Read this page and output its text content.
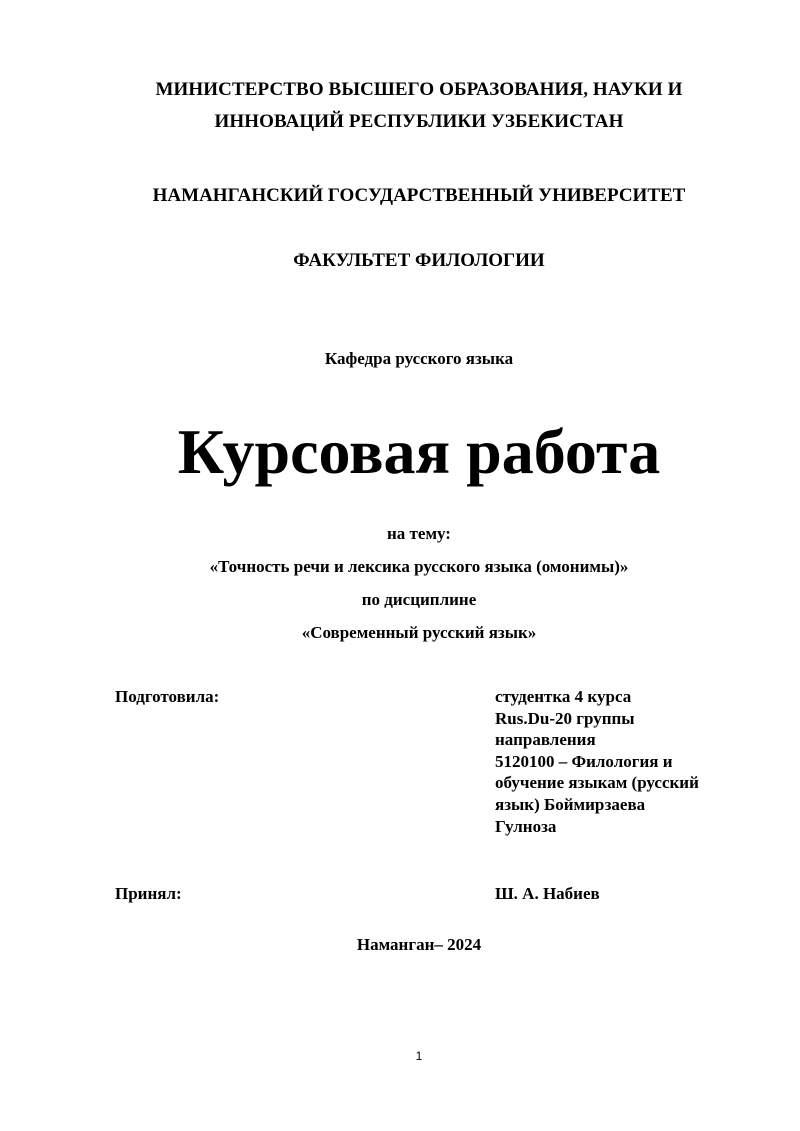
МИНИСТЕРСТВО ВЫСШЕГО ОБРАЗОВАНИЯ, НАУКИ И
ИННОВАЦИЙ РЕСПУБЛИКИ УЗБЕКИСТАН
НАМАНГАНСКИЙ ГОСУДАРСТВЕННЫЙ УНИВЕРСИТЕТ
ФАКУЛЬТЕТ ФИЛОЛОГИИ
Кафедра русского языка
Курсовая работа
на тему:
«Точность речи и лексика русского языка (омонимы)»
по дисциплине
«Современный русский язык»
Подготовила:	студентка 4 курса
Rus.Du-20 группы
направления
5120100 – Филология и
обучение языкам (русский
язык) Боймирзаева
Гулноза
Принял:	Ш. А. Набиев
Наманган– 2024
1
